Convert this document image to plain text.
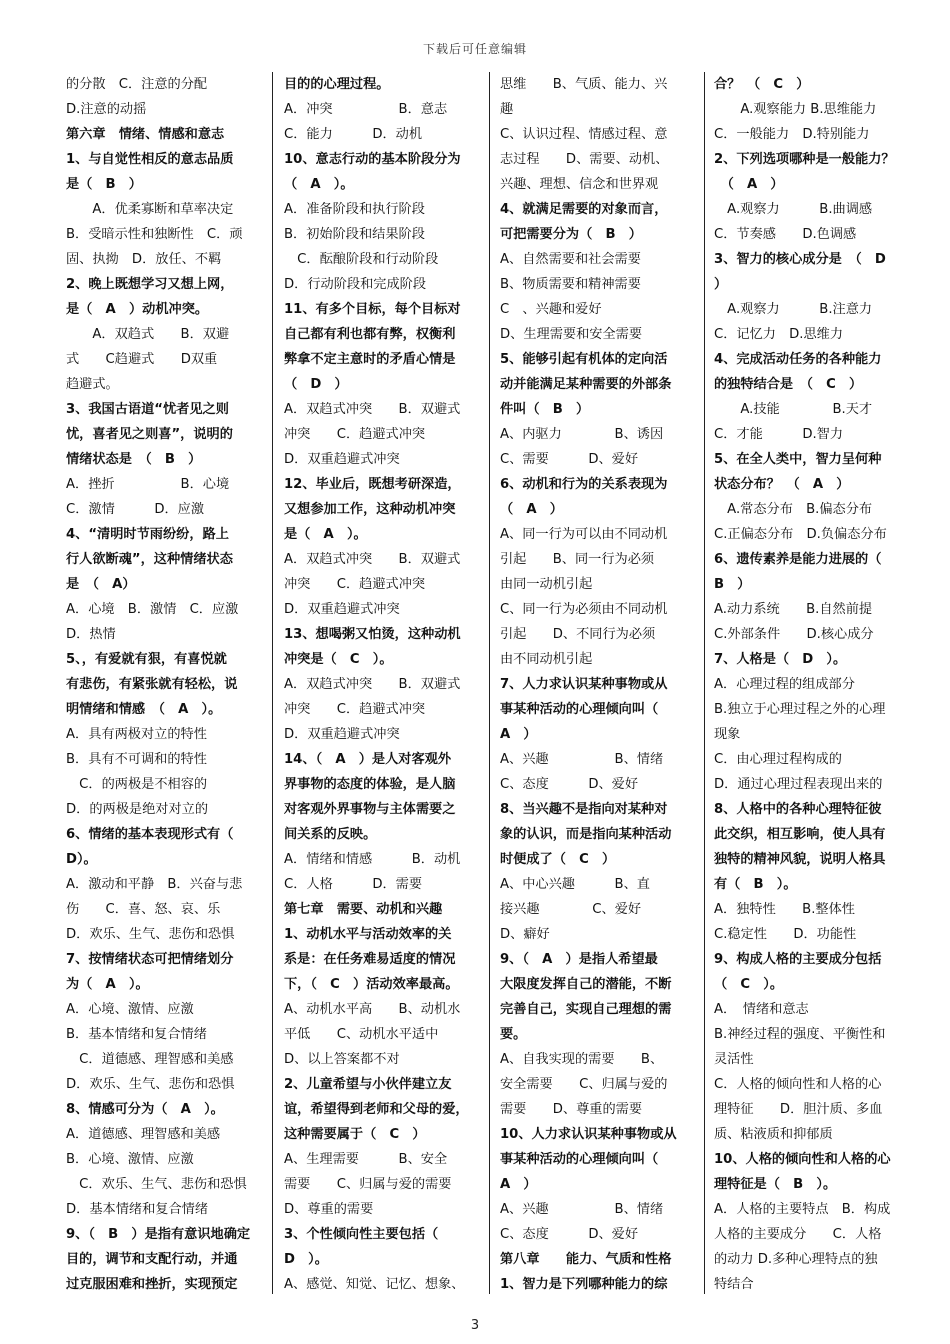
下载后可任意编辑

的分散　C．注意的分配

D.注意的动摇

第六章　情绪、情感和意志

1、与自觉性相反的意志品质

是（　B　）

　　A．优柔寡断和草率决定

B．受暗示性和独断性　C．顽

固、执拗　D．放任、不羁

2、晚上既想学习又想上网，

是（　A　）动机冲突。

　　A．双趋式　　B．双避

式　　C趋避式　　D双重

趋避式。

3、我国古语道“忧者见之则

忧，喜者见之则喜”，说明的

情绪状态是　（　B　）

A．挫折　　　　　B．心境

C．激情　　　D．应激

4、“清明时节雨纷纷，路上

行人欲断魂”，这种情绪状态

是　（　A）

A．心境　B．激情　C．应激

D．热情

5、，有爱就有狠，有喜悦就

有悲伤，有紧张就有轻松，说

明情绪和情感　（　A　）。

A．具有两极对立的特性

B．具有不可调和的特性

　C．的两极是不相容的

D．的两极是绝对对立的

6、情绪的基本表现形式有（

D）。

A．激动和平静　B．兴奋与悲

伤　　C．喜、怒、哀、乐

D．欢乐、生气、悲伤和恐惧

7、按情绪状态可把情绪划分

为（　A　）。

A．心境、激情、应激

B．基本情绪和复合情绪

　C．道德感、理智感和美感

D．欢乐、生气、悲伤和恐惧

8、情感可分为（　A　）。

A．道德感、理智感和美感

B．心境、激情、应激

　C．欢乐、生气、悲伤和恐惧

D．基本情绪和复合情绪

9、（　B　）是指有意识地确定

目的，调节和支配行动，并通

过克服困难和挫折，实现预定

目的的心理过程。

A．冲突　　　　　B．意志

C．能力　　　D．动机

10、意志行动的基本阶段分为

（　A　）。

A．准备阶段和执行阶段

B．初始阶段和结果阶段

　C．酝酿阶段和行动阶段

D．行动阶段和完成阶段

11、有多个目标，每个目标对

自己都有利也都有弊，权衡利

弊拿不定主意时的矛盾心情是

（　D　）

A．双趋式冲突　　B．双避式

冲突　　C．趋避式冲突

D．双重趋避式冲突

12、毕业后，既想考研深造，

又想参加工作，这种动机冲突

是（　A　）。

A．双趋式冲突　　B．双避式

冲突　　C．趋避式冲突

D．双重趋避式冲突

13、想喝粥又怕烫，这种动机

冲突是（　C　）。

A．双趋式冲突　　B．双避式

冲突　　C．趋避式冲突

D．双重趋避式冲突

14、（　A　）是人对客观外

界事物的态度的体验，是人脑

对客观外界事物与主体需要之

间关系的反映。

A．情绪和情感　　　B．动机

C．人格　　　D．需要

第七章　需要、动机和兴趣

1、动机水平与活动效率的关

系是：在任务难易适度的情况

下，（　C　）活动效率最高。

A、动机水平高　　B、动机水

平低　　C、动机水平适中

D、以上答案都不对

2、儿童希望与小伙伴建立友

谊，希望得到老师和父母的爱，

这种需要属于（　C　）

A、生理需要　　　B、安全

需要　　C、归属与爱的需要

D、尊重的需要

3、个性倾向性主要包括（

D　）。

A、感觉、知觉、记忆、想象、

思维　　B、气质、能力、兴

趣

C、认识过程、情感过程、意

志过程　　D、需要、动机、

兴趣、理想、信念和世界观

4、就满足需要的对象而言，

可把需要分为（　B　）

A、自然需要和社会需要

B、物质需要和精神需要

C　、兴趣和爱好

D、生理需要和安全需要

5、能够引起有机体的定向活

动并能满足某种需要的外部条

件叫（　B　）

A、内驱力　　　　B、诱因

C、需要　　　D、爱好

6、动机和行为的关系表现为

（　A　）

A、同一行为可以由不同动机

引起　　B、同一行为必须

由同一动机引起

C、同一行为必须由不同动机

引起　　D、不同行为必须

由不同动机引起

7、人力求认识某种事物或从

事某种活动的心理倾向叫（

A　）

A、兴趣　　　　　B、情绪

C、态度　　　D、爱好

8、当兴趣不是指向对某种对

象的认识，而是指向某种活动

时便成了（　C　）

A、中心兴趣　　　B、直

接兴趣　　　　C、爱好

D、癖好

9、（　A　）是指人希望最

大限度发挥自己的潜能，不断

完善自己，实现自己理想的需

要。

A、自我实现的需要　　B、

安全需要　　C、归属与爱的

需要　　D、尊重的需要

10、人力求认识某种事物或从

事某种活动的心理倾向叫（

A　）

A、兴趣　　　　　B、情绪

C、态度　　　D、爱好

第八章　　能力、气质和性格

1、智力是下列哪种能力的综

合？　（　C　）

　　A.观察能力 B.思维能力

C．一般能力　D.特别能力

2、下列选项哪种是一般能力？

　（　A　）

　A.观察力　　　B.曲调感

C．节奏感　　D.色调感

3、智力的核心成分是　（　D

）

　A.观察力　　　B.注意力

C．记忆力　D.思维力

4、完成活动任务的各种能力

的独特结合是　（　C　）

　　A.技能　　　　B.天才

C．才能　　　D.智力

5、在全人类中，智力呈何种

状态分布？　（　A　）

　A.常态分布　B.偏态分布

C.正偏态分布　D.负偏态分布

6、遗传素养是能力进展的（

B　）

A.动力系统　　B.自然前提

C.外部条件　　D.核心成分

7、人格是（　D　）。

A．心理过程的组成部分

B.独立于心理过程之外的心理

现象

C．由心理过程构成的

D．通过心理过程表现出来的

8、人格中的各种心理特征彼

此交织，相互影响，使人具有

独特的精神风貌，说明人格具

有（　B　）。

A．独特性　　B.整体性

C.稳定性　　D．功能性

9、构成人格的主要成分包括

（　C　）。

A．　情绪和意志

B.神经过程的强度、平衡性和

灵活性

C．人格的倾向性和人格的心

理特征　　D．胆汁质、多血

质、粘液质和抑郁质

10、人格的倾向性和人格的心

理特征是（　B　）。

A．人格的主要特点　B．构成

人格的主要成分　　C．人格

的动力 D.多种心理特点的独

特结合

3
